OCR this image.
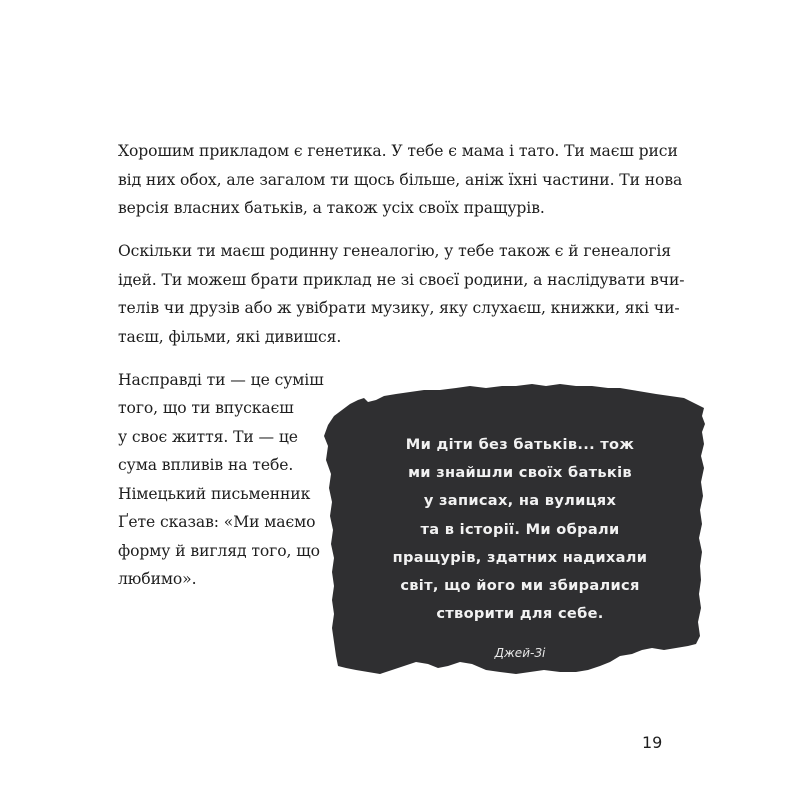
Хорошим прикладом є генетика. У тебе є мама і тато. Ти маєш риси
від них обох, але загалом ти щось більше, аніж їхні частини. Ти нова
версія власних батьків, а також усіх своїх пращурів.
Оскільки ти маєш родинну генеалогію, у тебе також є й генеалогія
ідей. Ти можеш брати приклад не зі своєї родини, а наслідувати вчи-
телів чи друзів або ж увібрати музику, яку слухаєш, книжки, які чи-
таєш, фільми, які дивишся.
Насправді ти — це суміш
того, що ти впускаєш
у своє життя. Ти — це
сума впливів на тебе.
Німецький письменник
Ґете сказав: «Ми маємо
форму й вигляд того, що
любимо».
Ми діти без батьків... тож
ми знайшли своїх батьків
у записах, на вулицях
та в історії. Ми обрали
пращурів, здатних надихали
світ, що його ми збиралися
створити для себе.
Джей-Зі
19
